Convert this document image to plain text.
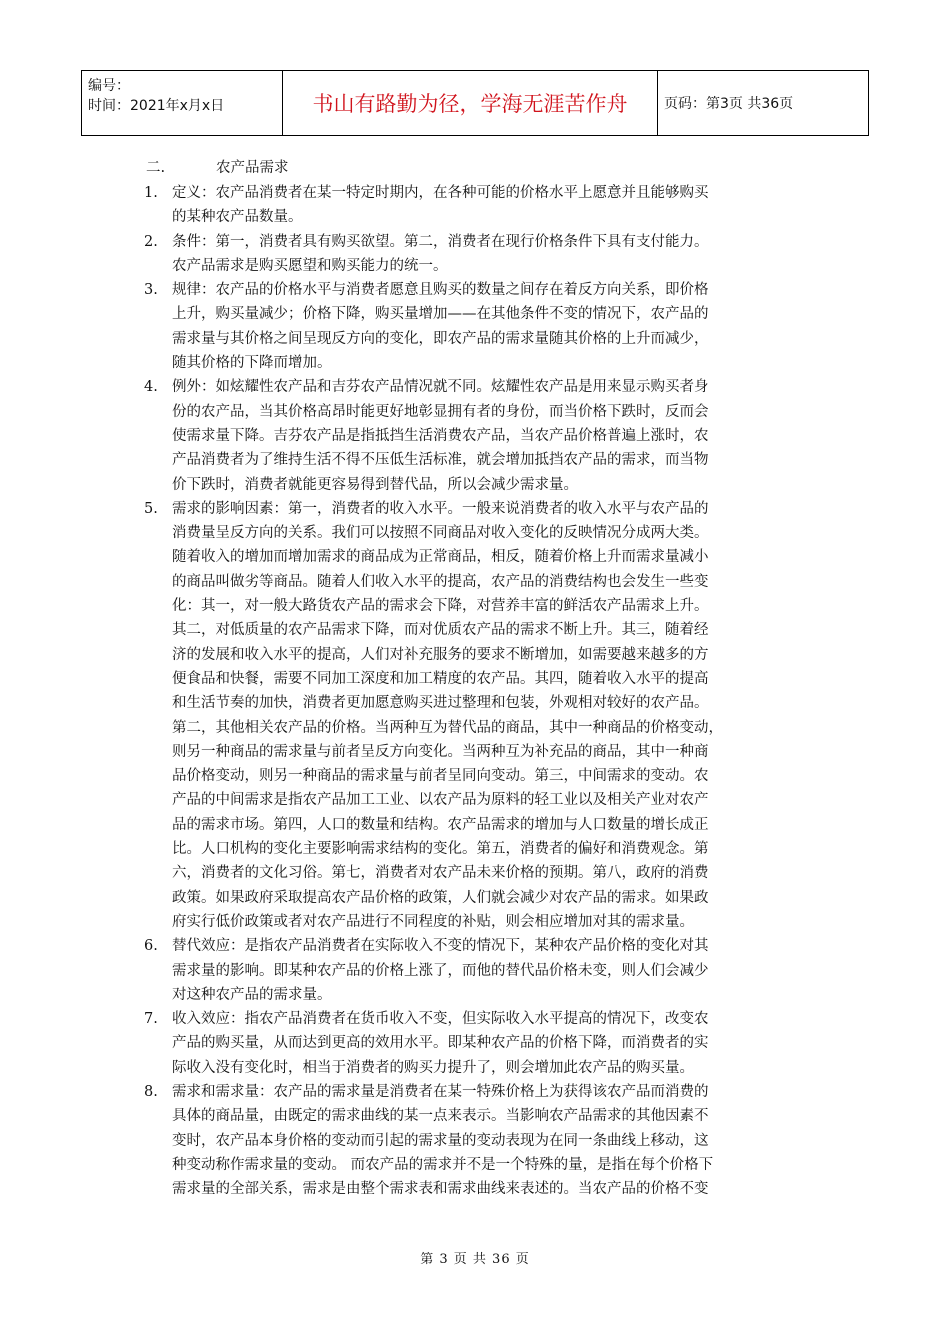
编号：
时间：2021年x月x日	书山有路勤为径，学海无涯苦作舟	页码：第3页 共36页
二.	农产品需求
1. 定义：农产品消费者在某一特定时期内，在各种可能的价格水平上愿意并且能够购买
的某种农产品数量。
2. 条件：第一，消费者具有购买欲望。第二，消费者在现行价格条件下具有支付能力。
农产品需求是购买愿望和购买能力的统一。
3. 规律：农产品的价格水平与消费者愿意且购买的数量之间存在着反方向关系，即价格
上升，购买量减少；价格下降，购买量增加——在其他条件不变的情况下，农产品的
需求量与其价格之间呈现反方向的变化，即农产品的需求量随其价格的上升而减少，
随其价格的下降而增加。
4. 例外：如炫耀性农产品和吉芬农产品情况就不同。炫耀性农产品是用来显示购买者身
份的农产品，当其价格高昂时能更好地彰显拥有者的身份，而当价格下跌时，反而会
使需求量下降。吉芬农产品是指抵挡生活消费农产品，当农产品价格普遍上涨时，农
产品消费者为了维持生活不得不压低生活标准，就会增加抵挡农产品的需求，而当物
价下跌时，消费者就能更容易得到替代品，所以会减少需求量。
5. 需求的影响因素：第一，消费者的收入水平。一般来说消费者的收入水平与农产品的
消费量呈反方向的关系。我们可以按照不同商品对收入变化的反映情况分成两大类。
随着收入的增加而增加需求的商品成为正常商品，相反，随着价格上升而需求量减小
的商品叫做劣等商品。随着人们收入水平的提高，农产品的消费结构也会发生一些变
化：其一，对一般大路货农产品的需求会下降，对营养丰富的鲜活农产品需求上升。
其二，对低质量的农产品需求下降，而对优质农产品的需求不断上升。其三，随着经
济的发展和收入水平的提高，人们对补充服务的要求不断增加，如需要越来越多的方
便食品和快餐，需要不同加工深度和加工精度的农产品。其四，随着收入水平的提高
和生活节奏的加快，消费者更加愿意购买进过整理和包装，外观相对较好的农产品。
第二，其他相关农产品的价格。当两种互为替代品的商品，其中一种商品的价格变动，
则另一种商品的需求量与前者呈反方向变化。当两种互为补充品的商品，其中一种商
品价格变动，则另一种商品的需求量与前者呈同向变动。第三，中间需求的变动。农
产品的中间需求是指农产品加工工业、以农产品为原料的轻工业以及相关产业对农产
品的需求市场。第四，人口的数量和结构。农产品需求的增加与人口数量的增长成正
比。人口机构的变化主要影响需求结构的变化。第五，消费者的偏好和消费观念。第
六，消费者的文化习俗。第七，消费者对农产品未来价格的预期。第八，政府的消费
政策。如果政府采取提高农产品价格的政策，人们就会减少对农产品的需求。如果政
府实行低价政策或者对农产品进行不同程度的补贴，则会相应增加对其的需求量。
6. 替代效应：是指农产品消费者在实际收入不变的情况下，某种农产品价格的变化对其
需求量的影响。即某种农产品的价格上涨了，而他的替代品价格未变，则人们会减少
对这种农产品的需求量。
7. 收入效应：指农产品消费者在货币收入不变，但实际收入水平提高的情况下，改变农
产品的购买量，从而达到更高的效用水平。即某种农产品的价格下降，而消费者的实
际收入没有变化时，相当于消费者的购买力提升了，则会增加此农产品的购买量。
8. 需求和需求量：农产品的需求量是消费者在某一特殊价格上为获得该农产品而消费的
具体的商品量，由既定的需求曲线的某一点来表示。当影响农产品需求的其他因素不
变时，农产品本身价格的变动而引起的需求量的变动表现为在同一条曲线上移动，这
种变动称作需求量的变动。 而农产品的需求并不是一个特殊的量，是指在每个价格下
需求量的全部关系，需求是由整个需求表和需求曲线来表述的。当农产品的价格不变
第 3 页 共 36 页
